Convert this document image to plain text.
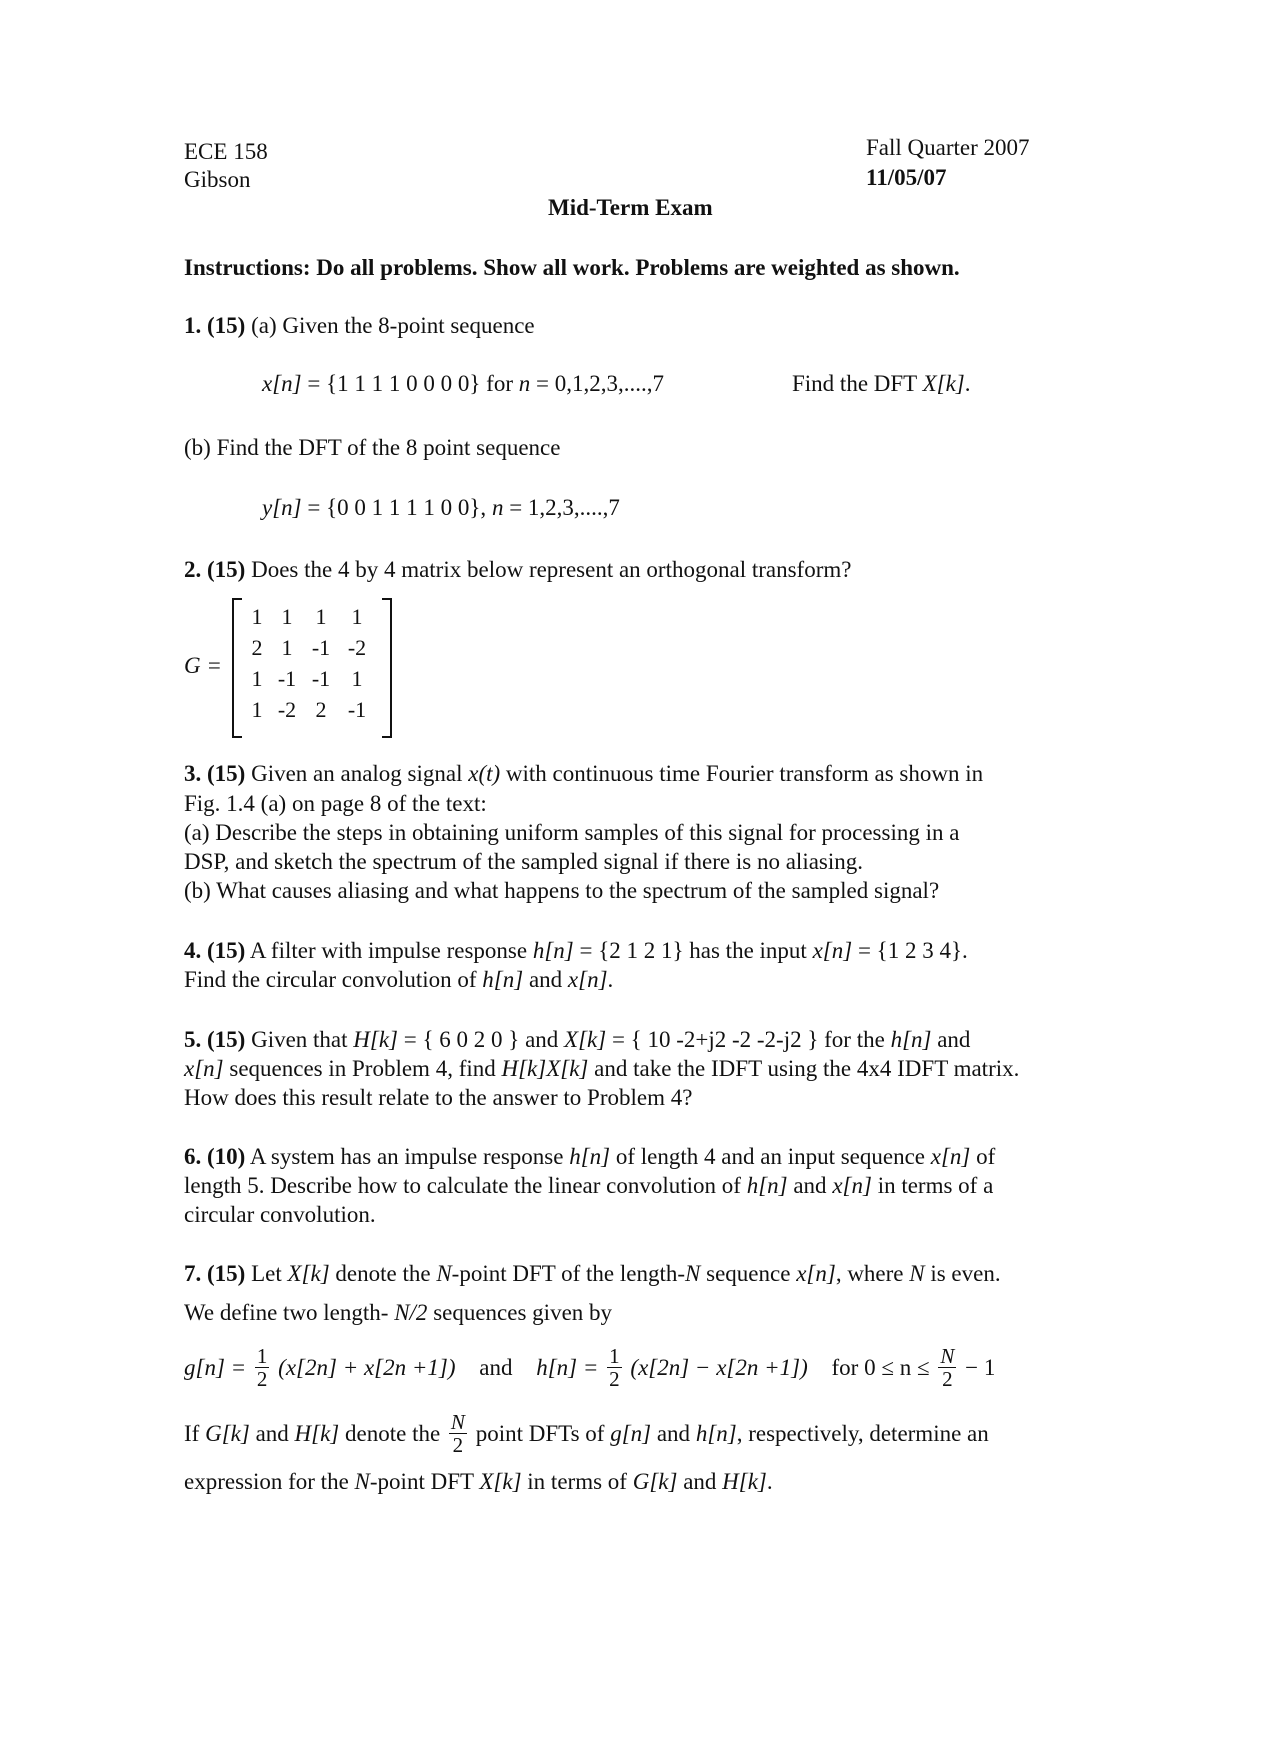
ECE 158
Gibson
Fall Quarter 2007
11/05/07
Mid-Term Exam
Instructions: Do all problems. Show all work. Problems are weighted as shown.
1. (15) (a) Given the 8-point sequence
x[n] = {1 1 1 1 0 0 0 0} for n = 0,1,2,3,....,7	Find the DFT X[k].
(b) Find the DFT of the 8 point sequence
y[n] = {0 0 1 1 1 1 0 0}, n = 1,2,3,....,7
2. (15) Does the 4 by 4 matrix below represent an orthogonal transform?
G =
1 1	1	1
2 1 -1 -2
1 -1 -1 1
1 -2 2 -1
3. (15) Given an analog signal x(t) with continuous time Fourier transform as shown in
Fig. 1.4 (a) on page 8 of the text:
(a) Describe the steps in obtaining uniform samples of this signal for processing in a
DSP, and sketch the spectrum of the sampled signal if there is no aliasing.
(b) What causes aliasing and what happens to the spectrum of the sampled signal?
4. (15) A filter with impulse response h[n] = {2 1 2 1} has the input x[n] = {1 2 3 4}.
Find the circular convolution of h[n] and x[n].
5. (15) Given that H[k] = { 6 0 2 0 } and X[k] = { 10 -2+j2 -2 -2-j2 } for the h[n] and
x[n] sequences in Problem 4, find H[k]X[k] and take the IDFT using the 4x4 IDFT matrix.
How does this result relate to the answer to Problem 4?
6. (10) A system has an impulse response h[n] of length 4 and an input sequence x[n] of
length 5. Describe how to calculate the linear convolution of h[n] and x[n] in terms of a
circular convolution.
7. (15) Let X[k] denote the N-point DFT of the length-N sequence x[n], where N is even.
We define two length- N/2 sequences given by
$g[n] = \frac{1}{2} (x[2n] + x[2n +1])$ and $h[n] = \frac{1}{2} (x[2n] - x[2n +1])$ for $0 \le n \le \frac{N}{2} - 1$
If G[k] and H[k] denote the $\frac{N}{2}$ point DFTs of g[n] and h[n], respectively, determine an
expression for the N-point DFT X[k] in terms of G[k] and H[k].
